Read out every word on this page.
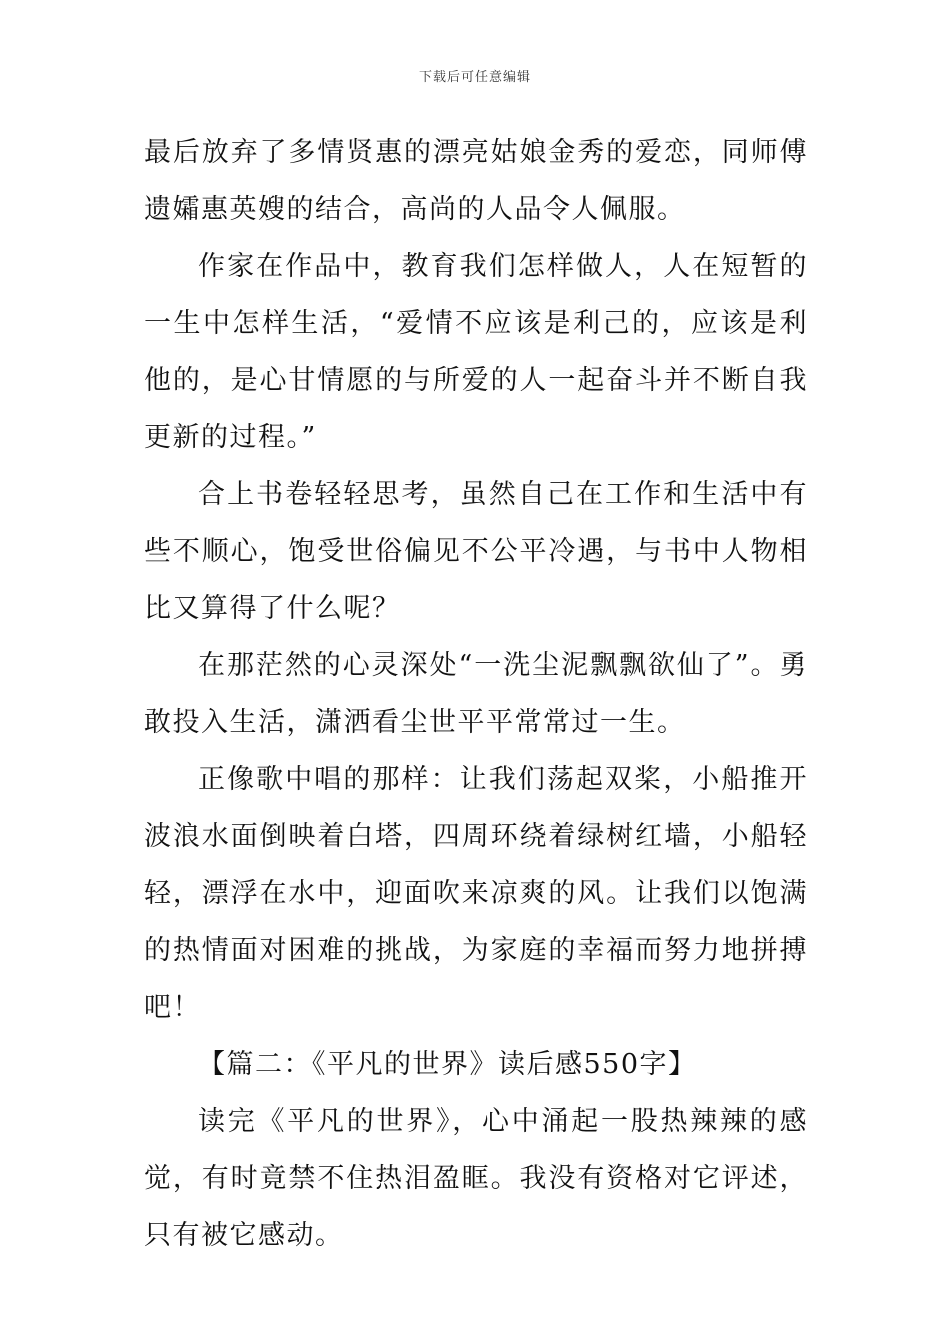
下载后可任意编辑

最后放弃了多情贤惠的漂亮姑娘金秀的爱恋，同师傅遗孀惠英嫂的结合，高尚的人品令人佩服。

作家在作品中，教育我们怎样做人，人在短暂的一生中怎样生活，“爱情不应该是利己的，应该是利他的，是心甘情愿的与所爱的人一起奋斗并不断自我更新的过程。”

合上书卷轻轻思考，虽然自己在工作和生活中有些不顺心，饱受世俗偏见不公平冷遇，与书中人物相比又算得了什么呢？

在那茫然的心灵深处“一洗尘泥飘飘欲仙了”。勇敢投入生活，潇洒看尘世平平常常过一生。

正像歌中唱的那样：让我们荡起双桨，小船推开波浪水面倒映着白塔，四周环绕着绿树红墙，小船轻轻，漂浮在水中，迎面吹来凉爽的风。让我们以饱满的热情面对困难的挑战，为家庭的幸福而努力地拼搏吧！

【篇二：《平凡的世界》读后感550字】

读完《平凡的世界》，心中涌起一股热辣辣的感觉，有时竟禁不住热泪盈眶。我没有资格对它评述，只有被它感动。
